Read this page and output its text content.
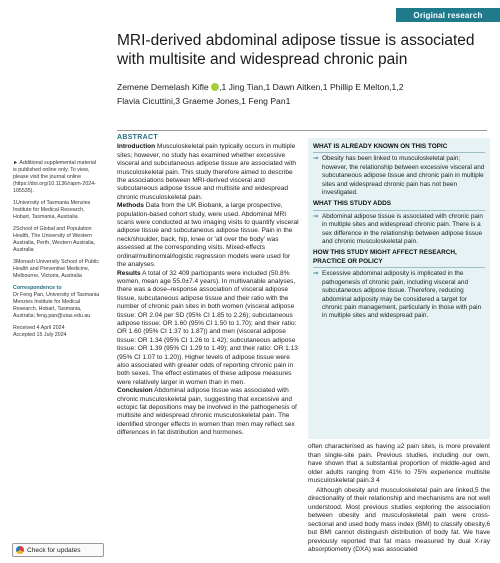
Original research
MRI-derived abdominal adipose tissue is associated with multisite and widespread chronic pain
Zemene Demelash Kifle ,1 Jing Tian,1 Dawn Aitken,1 Phillip E Melton,1,2
Flavia Cicuttini,3 Graeme Jones,1 Feng Pan1

► Additional supplemental material is published online only. To view, please visit the journal online (https://doi.org/10.1136/rapm-2024-105535).

1University of Tasmania Menzies Institute for Medical Research, Hobart, Tasmania, Australia

2School of Global and Population Health, The University of Western Australia, Perth, Western Australia, Australia

3Monash University School of Public Health and Preventive Medicine, Melbourne, Victoria, Australia

Correspondence to

Dr Feng Pan, University of Tasmania Menzies Institute for Medical Research, Hobart, Tasmania, Australia; feng.pan@utas.edu.au

Received 4 April 2024

Accepted 15 July 2024

Check for updates
ABSTRACT

Introduction Musculoskeletal pain typically occurs in multiple sites; however, no study has examined whether excessive visceral and subcutaneous adipose tissue are associated with musculoskeletal pain. This study therefore aimed to describe the associations between MRI-derived visceral and subcutaneous adipose tissue and multisite and widespread chronic musculoskeletal pain.

Methods Data from the UK Biobank, a large prospective, population-based cohort study, were used. Abdominal MRI scans were conducted at two imaging visits to quantify visceral adipose tissue and subcutaneous adipose tissue. Pain in the neck/shoulder, back, hip, knee or 'all over the body' was assessed at the corresponding visits. Mixed-effects ordinal/multinomial/logistic regression models were used for the analyses.

Results A total of 32 409 participants were included (50.8% women, mean age 55.0±7.4 years). In multivariable analyses, there was a dose–response association of visceral adipose tissue, subcutaneous adipose tissue and their ratio with the number of chronic pain sites in both women (visceral adipose tissue: OR 2.04 per SD (95% CI 1.85 to 2.26); subcutaneous adipose tissue: OR 1.60 (95% CI 1.50 to 1.70); and their ratio: OR 1.60 (95% CI 1.37 to 1.87)) and men (visceral adipose tissue: OR 1.34 (95% CI 1.26 to 1.42); subcutaneous adipose tissue: OR 1.39 (95% CI 1.29 to 1.49); and their ratio: OR 1.13 (95% CI 1.07 to 1.20)). Higher levels of adipose tissue were also associated with greater odds of reporting chronic pain in both sexes. The effect estimates of these adipose measures were relatively larger in women than in men.

Conclusion Abdominal adipose tissue was associated with chronic musculoskeletal pain, suggesting that excessive and ectopic fat depositions may be involved in the pathogenesis of multisite and widespread chronic musculoskeletal pain. The identified stronger effects in women than men may reflect sex differences in fat distribution and hormones.

WHAT IS ALREADY KNOWN ON THIS TOPIC
⇒ Obesity has been linked to musculoskeletal pain; however, the relationship between excessive visceral and subcutaneous adipose tissue and chronic pain in multiple sites and widespread chronic pain has not been investigated.
WHAT THIS STUDY ADDS
⇒ Abdominal adipose tissue is associated with chronic pain in multiple sites and widespread chronic pain. There is a sex difference in the relationship between adipose tissue and chronic musculoskeletal pain.
HOW THIS STUDY MIGHT AFFECT RESEARCH, PRACTICE OR POLICY
⇒ Excessive abdominal adiposity is implicated in the pathogenesis of chronic pain, including visceral and subcutaneous adipose tissue. Therefore, reducing abdominal adiposity may be considered a target for chronic pain management, particularly in those with pain in multiple sites and widespread pain.

often characterised as having ≥2 pain sites, is more prevalent than single-site pain. Previous studies, including our own, have shown that a substantial proportion of middle-aged and older adults ranging from 41% to 75% experience multisite musculoskeletal pain.3 4

Although obesity and musculoskeletal pain are linked,5 the directionality of their relationship and mechanisms are not well understood. Most previous studies exploring the association between obesity and musculoskeletal pain were cross-sectional and used body mass index (BMI) to classify obesity,6 but BMI cannot distinguish distribution of body fat. We have previously reported that fat mass measured by dual X-ray absorptiometry (DXA) was associated
